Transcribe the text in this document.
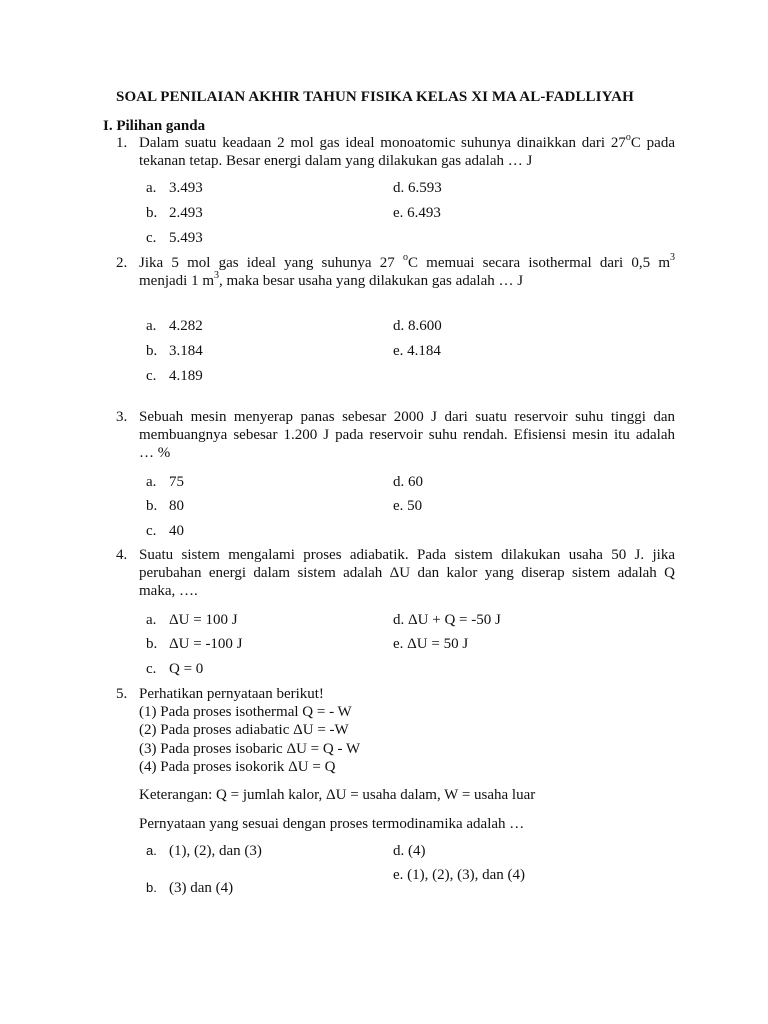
SOAL PENILAIAN AKHIR TAHUN FISIKA KELAS XI MA AL-FADLLIYAH
I. Pilihan ganda
1. Dalam suatu keadaan 2 mol gas ideal monoatomic suhunya dinaikkan dari 27$^o$C pada
tekanan tetap. Besar energi dalam yang dilakukan gas adalah … J
a. 3.493
b. 2.493
c. 5.493
d. 6.593
e. 6.493
2. Jika 5 mol gas ideal yang suhunya 27 $^o$C memuai secara isothermal dari 0,5 $m^3$
menjadi 1 $m^3$, maka besar usaha yang dilakukan gas adalah … J
a. 4.282
b. 3.184
c. 4.189
d. 8.600
e. 4.184
3. Sebuah mesin menyerap panas sebesar 2000 J dari suatu reservoir suhu tinggi dan
membuangnya sebesar 1.200 J pada reservoir suhu rendah. Efisiensi mesin itu adalah
… %
a. 75
b. 80
c. 40
d. 60
e. 50
4. Suatu sistem mengalami proses adiabatik. Pada sistem dilakukan usaha 50 J. jika
perubahan energi dalam sistem adalah ΔU dan kalor yang diserap sistem adalah Q
maka, ….
a. ΔU = 100 J
b. ΔU = -100 J
c. Q = 0
d. ΔU + Q = -50 J
e. ΔU = 50 J
5. Perhatikan pernyataan berikut!
(1) Pada proses isothermal Q = - W
(2) Pada proses adiabatic ΔU = -W
(3) Pada proses isobaric ΔU = Q - W
(4) Pada proses isokorik ΔU = Q
Keterangan: Q = jumlah kalor, ΔU = usaha dalam, W = usaha luar
Pernyataan yang sesuai dengan proses termodinamika adalah …
a. (1), (2), dan (3)
b. (3) dan (4)
d. (4)
e. (1), (2), (3), dan (4)
